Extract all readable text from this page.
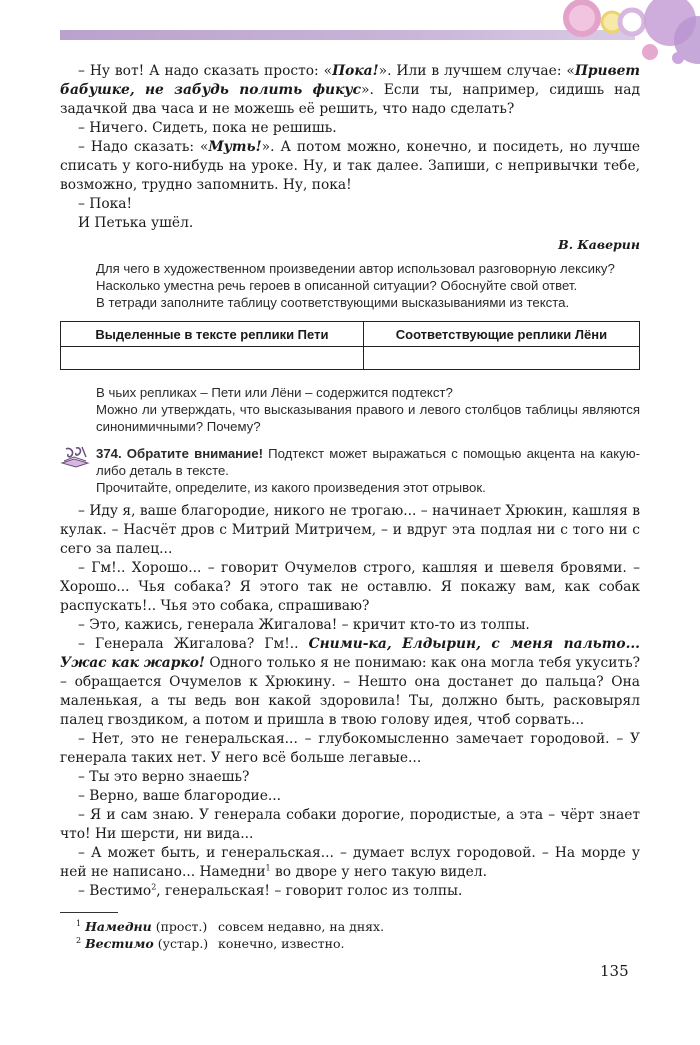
– Ну вот! А надо сказать просто: «Пока!». Или в лучшем случае: «Привет бабушке, не забудь полить фикус». Если ты, например, сидишь над задачкой два часа и не можешь её решить, что надо сделать?

– Ничего. Сидеть, пока не решишь.

– Надо сказать: «Муть!». А потом можно, конечно, и посидеть, но лучше списать у кого-нибудь на уроке. Ну, и так далее. Запиши, с непривычки тебе, возможно, трудно запомнить. Ну, пока!

– Пока!

И Петька ушёл.

В. Каверин

Для чего в художественном произведении автор использовал разговорную лексику?

Насколько уместна речь героев в описанной ситуации? Обоснуйте свой ответ.

В тетради заполните таблицу соответствующими высказываниями из текста.

Выделенные в тексте реплики Пети	Соответствующие реплики Лёни

В чьих репликах – Пети или Лёни – содержится подтекст?

Можно ли утверждать, что высказывания правого и левого столбцов таблицы являются синонимичными? Почему?

374. Обратите внимание! Подтекст может выражаться с помощью акцента на какую-либо деталь в тексте.

Прочитайте, определите, из какого произведения этот отрывок.

– Иду я, ваше благородие, никого не трогаю... – начинает Хрюкин, кашляя в кулак. – Насчёт дров с Митрий Митричем, – и вдруг эта подлая ни с того ни с сего за палец...

– Гм!.. Хорошо... – говорит Очумелов строго, кашляя и шевеля бровями. – Хорошо... Чья собака? Я этого так не оставлю. Я покажу вам, как собак распускать!.. Чья это собака, спрашиваю?

– Это, кажись, генерала Жигалова! – кричит кто-то из толпы.

– Генерала Жигалова? Гм!.. Сними-ка, Елдырин, с меня пальто... Ужас как жарко! Одного только я не понимаю: как она могла тебя укусить? – обращается Очумелов к Хрюкину. – Нешто она достанет до пальца? Она маленькая, а ты ведь вон какой здоровила! Ты, должно быть, расковырял палец гвоздиком, а потом и пришла в твою голову идея, чтоб сорвать...

– Нет, это не генеральская... – глубокомысленно замечает городовой. – У генерала таких нет. У него всё больше легавые...

– Ты это верно знаешь?

– Верно, ваше благородие...

– Я и сам знаю. У генерала собаки дорогие, породистые, а эта – чёрт знает что! Ни шерсти, ни вида...

– А может быть, и генеральская... – думает вслух городовой. – На морде у ней не написано... Намедни$^1$ во дворе у него такую видел.

– Вестимо$^2$, генеральская! – говорит голос из толпы.

$^1$ Намедни (прост.) совсем недавно, на днях.
$^2$ Вестимо (устар.) конечно, известно.
135
